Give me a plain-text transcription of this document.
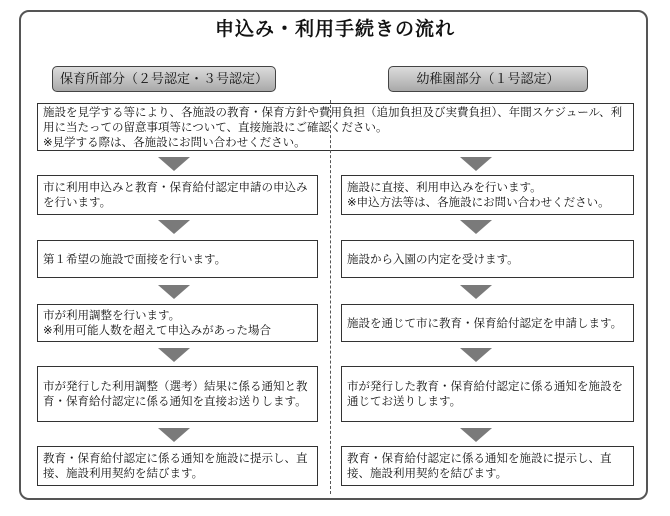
申込み・利用手続きの流れ
保育所部分（２号認定・３号認定）	幼稚園部分（１号認定）
施設を見学する等により、各施設の教育・保育方針や費用負担（追加負担及び実費負担）、年間スケジュール、利用に当たっての留意事項等について、直接施設にご確認ください。
※見学する際は、各施設にお問い合わせください。
市に利用申込みと教育・保育給付認定申請の申込みを行います。
第１希望の施設で面接を行います。
市が利用調整を行います。
※利用可能人数を超えて申込みがあった場合
市が発行した利用調整（選考）結果に係る通知と教育・保育給付認定に係る通知を直接お送りします。
教育・保育給付認定に係る通知を施設に提示し、直接、施設利用契約を結びます。
施設に直接、利用申込みを行います。
※申込方法等は、各施設にお問い合わせください。
施設から入園の内定を受けます。
施設を通じて市に教育・保育給付認定を申請します。
市が発行した教育・保育給付認定に係る通知を施設を通じてお送りします。
教育・保育給付認定に係る通知を施設に提示し、直接、施設利用契約を結びます。
